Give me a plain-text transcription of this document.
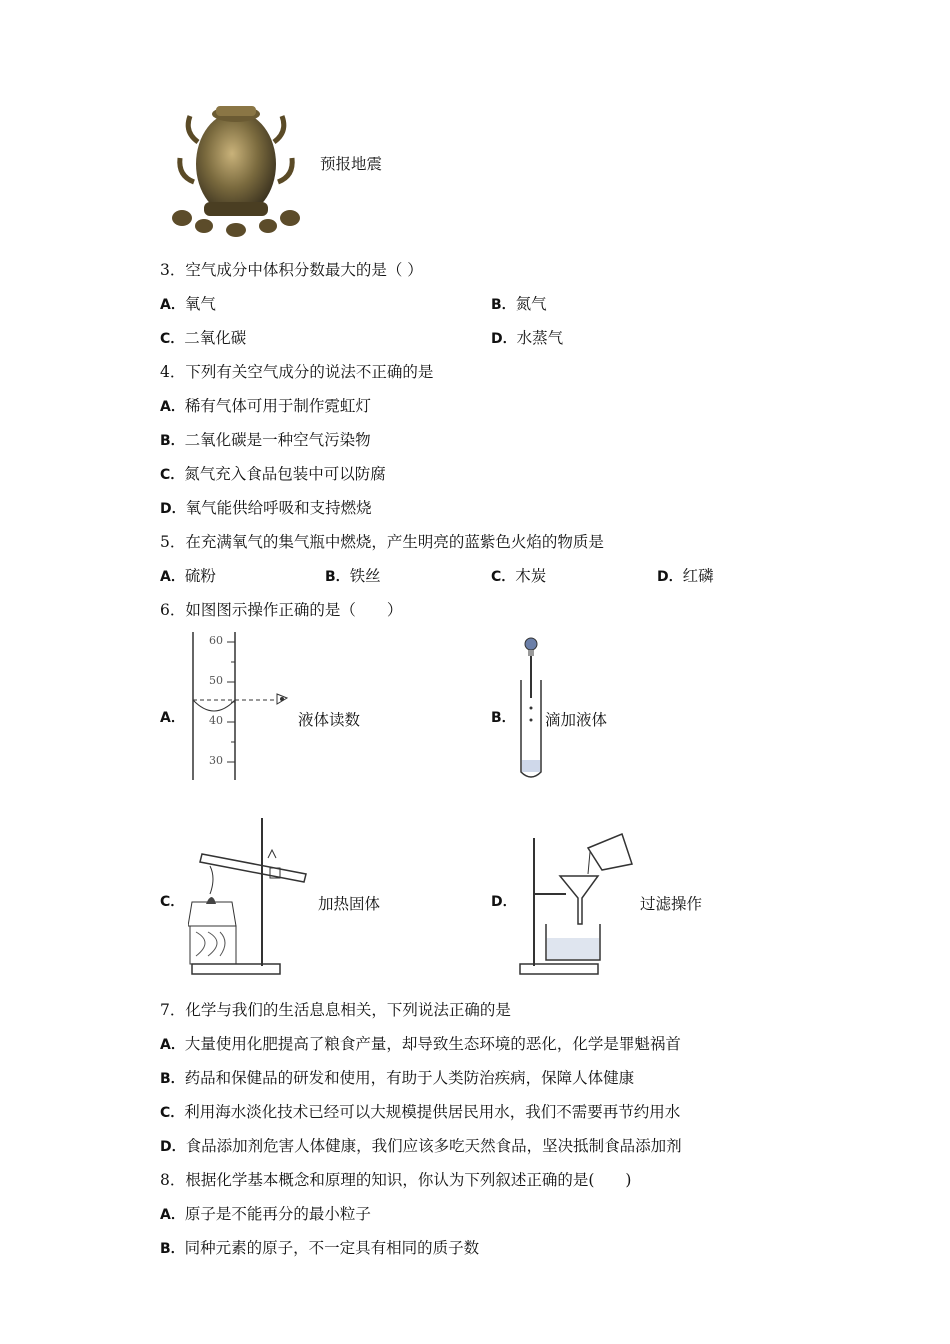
预报地震
3．空气成分中体积分数最大的是（ ）
A．氧气	B．氮气
C．二氧化碳	D．水蒸气
4．下列有关空气成分的说法不正确的是
A．稀有气体可用于制作霓虹灯
B．二氧化碳是一种空气污染物
C．氮气充入食品包装中可以防腐
D．氧气能供给呼吸和支持燃烧
5．在充满氧气的集气瓶中燃烧，产生明亮的蓝紫色火焰的物质是
A．硫粉	B．铁丝	C．木炭	D．红磷
6．如图图示操作正确的是（　　）
A．
60
50
40
30
液体读数	B． 滴加液体
C．	加热固体	D．	过滤操作
7．化学与我们的生活息息相关，下列说法正确的是
A．大量使用化肥提高了粮食产量，却导致生态环境的恶化，化学是罪魁祸首
B．药品和保健品的研发和使用，有助于人类防治疾病，保障人体健康
C．利用海水淡化技术已经可以大规模提供居民用水，我们不需要再节约用水
D．食品添加剂危害人体健康，我们应该多吃天然食品，坚决抵制食品添加剂
8．根据化学基本概念和原理的知识，你认为下列叙述正确的是(　　)
A．原子是不能再分的最小粒子
B．同种元素的原子，不一定具有相同的质子数
